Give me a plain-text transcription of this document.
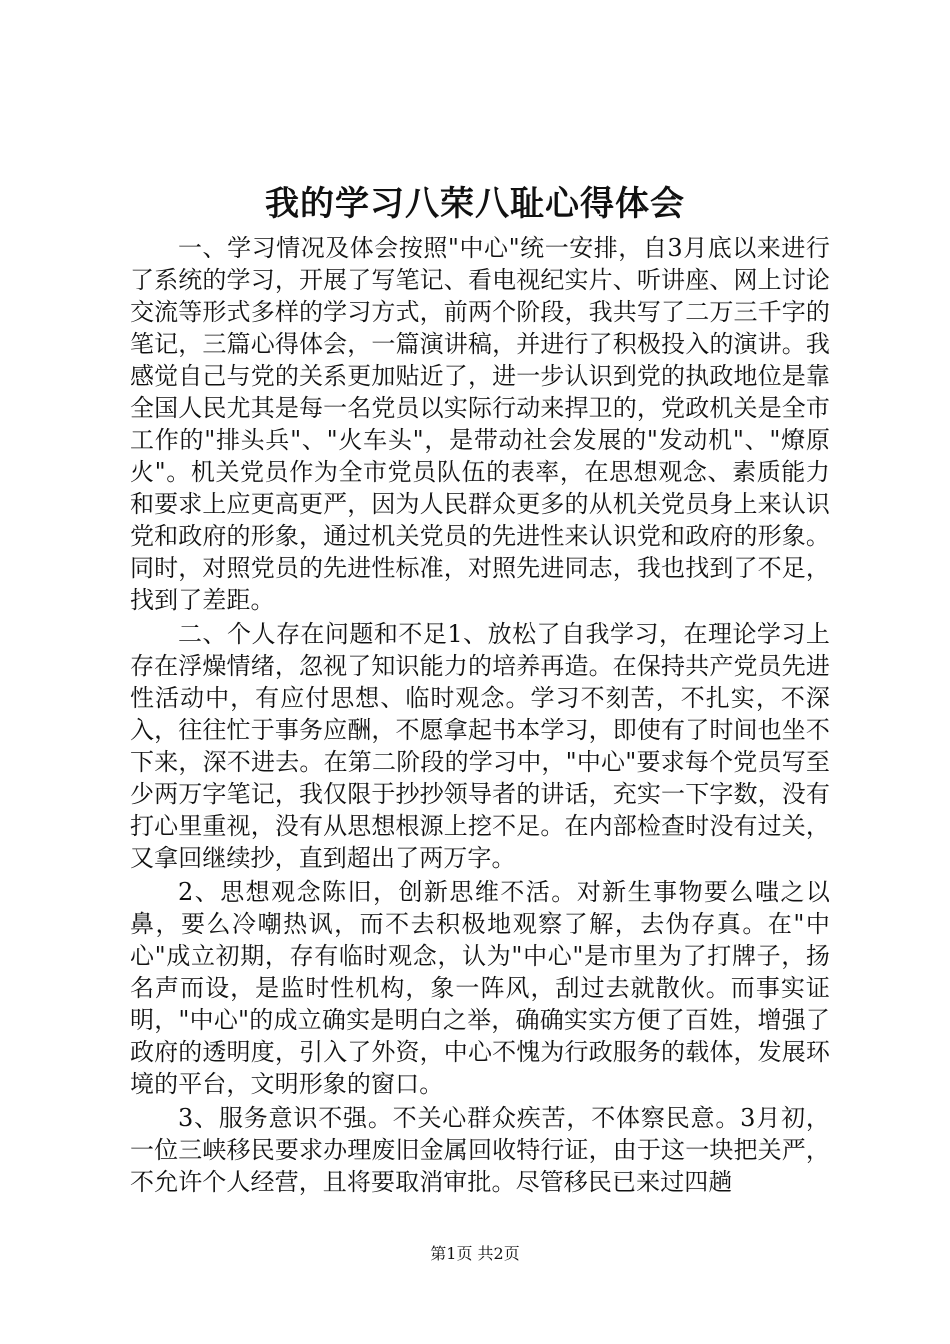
我的学习八荣八耻心得体会

一、学习情况及体会按照"中心"统一安排，自3月底以来进行了系统的学习，开展了写笔记、看电视纪实片、听讲座、网上讨论交流等形式多样的学习方式，前两个阶段，我共写了二万三千字的笔记，三篇心得体会，一篇演讲稿，并进行了积极投入的演讲。我感觉自己与党的关系更加贴近了，进一步认识到党的执政地位是靠全国人民尤其是每一名党员以实际行动来捍卫的，党政机关是全市工作的"排头兵"、"火车头"，是带动社会发展的"发动机"、"燎原火"。机关党员作为全市党员队伍的表率，在思想观念、素质能力和要求上应更高更严，因为人民群众更多的从机关党员身上来认识党和政府的形象，通过机关党员的先进性来认识党和政府的形象。同时，对照党员的先进性标准，对照先进同志，我也找到了不足，找到了差距。

二、个人存在问题和不足1、放松了自我学习，在理论学习上存在浮燥情绪，忽视了知识能力的培养再造。在保持共产党员先进性活动中，有应付思想、临时观念。学习不刻苦，不扎实，不深入，往往忙于事务应酬，不愿拿起书本学习，即使有了时间也坐不下来，深不进去。在第二阶段的学习中，"中心"要求每个党员写至少两万字笔记，我仅限于抄抄领导者的讲话，充实一下字数，没有打心里重视，没有从思想根源上挖不足。在内部检查时没有过关，又拿回继续抄，直到超出了两万字。

2、思想观念陈旧，创新思维不活。对新生事物要么嗤之以鼻，要么冷嘲热讽，而不去积极地观察了解，去伪存真。在"中心"成立初期，存有临时观念，认为"中心"是市里为了打牌子，扬名声而设，是监时性机构，象一阵风，刮过去就散伙。而事实证明，"中心"的成立确实是明白之举，确确实实方便了百姓，增强了政府的透明度，引入了外资，中心不愧为行政服务的载体，发展环境的平台，文明形象的窗口。

3、服务意识不强。不关心群众疾苦，不体察民意。3月初，一位三峡移民要求办理废旧金属回收特行证，由于这一块把关严，不允许个人经营，且将要取消审批。尽管移民已来过四趟

第1页 共2页
